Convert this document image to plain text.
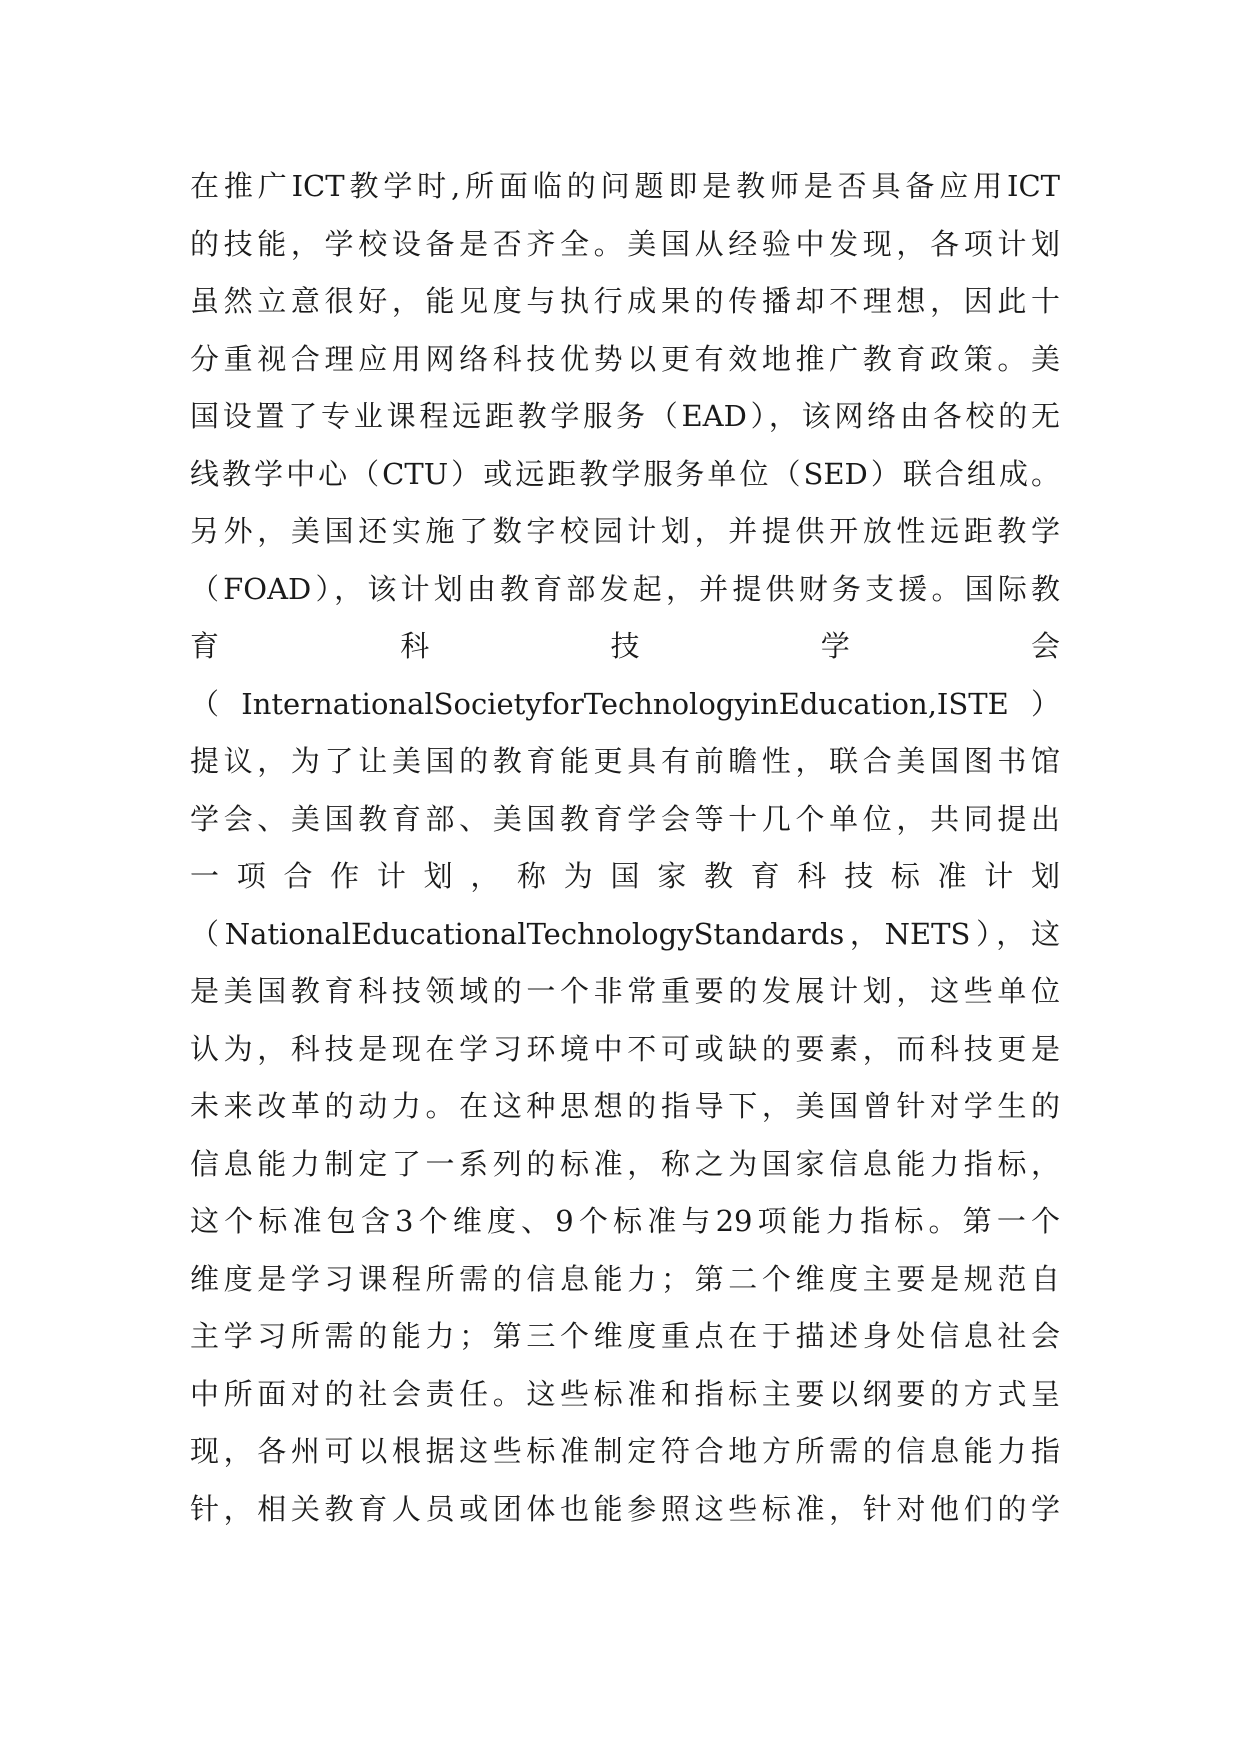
在推广ICT教学时,所面临的问题即是教师是否具备应用ICT
的技能，学校设备是否齐全。美国从经验中发现，各项计划
虽然立意很好，能见度与执行成果的传播却不理想，因此十
分重视合理应用网络科技优势以更有效地推广教育政策。美
国设置了专业课程远距教学服务（EAD），该网络由各校的无
线教学中心（CTU）或远距教学服务单位（SED）联合组成。
另外，美国还实施了数字校园计划，并提供开放性远距教学
（FOAD），该计划由教育部发起，并提供财务支援。国际教
育 科 技 学 会
（InternationalSocietyforTechnologyinEducation,ISTE）
提议，为了让美国的教育能更具有前瞻性，联合美国图书馆
学会、美国教育部、美国教育学会等十几个单位，共同提出
一 项 合 作 计 划 ， 称 为 国 家 教 育 科 技 标 准 计 划
（NationalEducationalTechnologyStandards，NETS），这
是美国教育科技领域的一个非常重要的发展计划，这些单位
认为，科技是现在学习环境中不可或缺的要素，而科技更是
未来改革的动力。在这种思想的指导下，美国曾针对学生的
信息能力制定了一系列的标准，称之为国家信息能力指标，
这个标准包含3个维度、9个标准与29项能力指标。第一个
维度是学习课程所需的信息能力；第二个维度主要是规范自
主学习所需的能力；第三个维度重点在于描述身处信息社会
中所面对的社会责任。这些标准和指标主要以纲要的方式呈
现，各州可以根据这些标准制定符合地方所需的信息能力指
针，相关教育人员或团体也能参照这些标准，针对他们的学
